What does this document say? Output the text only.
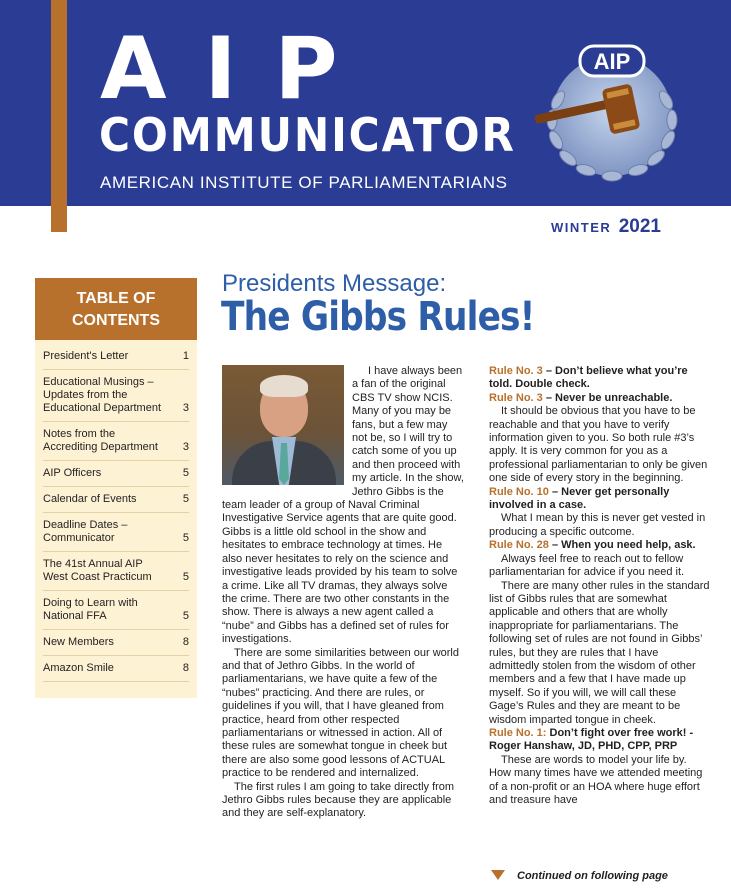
AIP
COMMUNICATOR
AMERICAN INSTITUTE OF PARLIAMENTARIANS
AIP
WINTER 2021
TABLE OF
CONTENTS
President's Letter	1
Educational Musings – Updates from the Educational Department	3
Notes from the Accrediting Department	3
AIP Officers	5
Calendar of Events	5
Deadline Dates – Communicator	5
The 41st Annual AIP West Coast Practicum	5
Doing to Learn with National FFA	5
New Members	8
Amazon Smile	8
Presidents Message:
The Gibbs Rules!

I have always been a fan of the original CBS TV show NCIS. Many of you may be fans, but a few may not be, so I will try to catch some of you up and then proceed with my article. In the show, Jethro Gibbs is the team leader of a group of Naval Criminal Investigative Service agents that are quite good. Gibbs is a little old school in the show and hesitates to embrace technology at times. He also never hesitates to rely on the science and investigative leads provided by his team to solve a crime. Like all TV dramas, they always solve the crime. There are two other constants in the show. There is always a new agent called a “nube” and Gibbs has a defined set of rules for investigations.

There are some similarities between our world and that of Jethro Gibbs. In the world of parliamentarians, we have quite a few of the “nubes” practicing. And there are rules, or guidelines if you will, that I have gleaned from practice, heard from other respected parliamentarians or witnessed in action. All of these rules are somewhat tongue in cheek but there are also some good lessons of ACTUAL practice to be rendered and internalized.

The first rules I am going to take directly from Jethro Gibbs rules because they are applicable and they are self-explanatory.

Rule No. 3 – Don’t believe what you’re told. Double check.

Rule No. 3 – Never be unreachable.

It should be obvious that you have to be reachable and that you have to verify information given to you. So both rule #3’s apply. It is very common for you as a professional parliamentarian to only be given one side of every story in the beginning.

Rule No. 10 – Never get personally involved in a case.

What I mean by this is never get vested in producing a specific outcome.

Rule No. 28 – When you need help, ask.

Always feel free to reach out to fellow parliamentarian for advice if you need it.

There are many other rules in the standard list of Gibbs rules that are somewhat applicable and others that are wholly inappropriate for parliamentarians. The following set of rules are not found in Gibbs’ rules, but they are rules that I have admittedly stolen from the wisdom of other members and a few that I have made up myself. So if you will, we will call these Gage’s Rules and they are meant to be wisdom imparted tongue in cheek.

Rule No. 1: Don’t fight over free work! -Roger Hanshaw, JD, PHD, CPP, PRP

These are words to model your life by. How many times have we attended meeting of a non-profit or an HOA where huge effort and treasure have

Continued on following page
